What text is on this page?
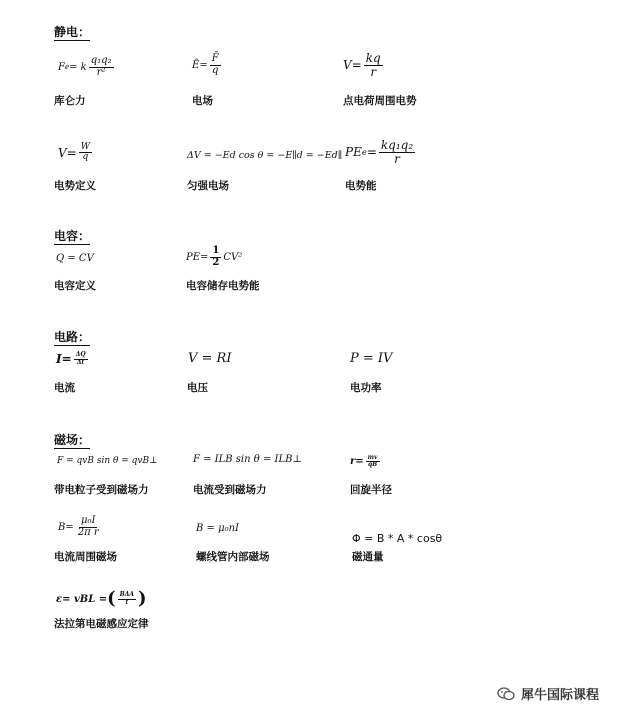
静电：
F e = k $\frac{\text{q₁q₂}}{\text{r²}}$
库仑力
Ē = $\frac{F̄}{q}$
电场
$V = \frac{kq}{r}$
点电荷周围电势
$V = \frac{W}{q}$
电势定义
ΔV = −Ed cos θ = −E∥d = −Ed∥
匀强电场
PE $e = \frac{\text{kq₁q₂}}{r}$
电势能
电容：
Q = CV
电容定义
PE = $\frac{1}{2} CV^2$
电容储存电势能
电路：
$I = \frac{\Delta Q}{\Delta t}$
电流
V = RI
电压
P = IV
电功率
磁场：
F = qvB sin θ = qvB⊥
带电粒子受到磁场力
F = ILB sin θ = ILB⊥
电流受到磁场力
$r = \frac{mv}{qB}$
回旋半径
$B = \frac{\text{μ₀I}}{\text{2π r}}$
电流周围磁场
B = μ₀nI
螺线管内部磁场
Φ = B * A * cosθ
磁通量
ε = vBL = ( $\frac{\text{BΔA}}{t}$ )
法拉第电磁感应定律
犀牛国际课程
